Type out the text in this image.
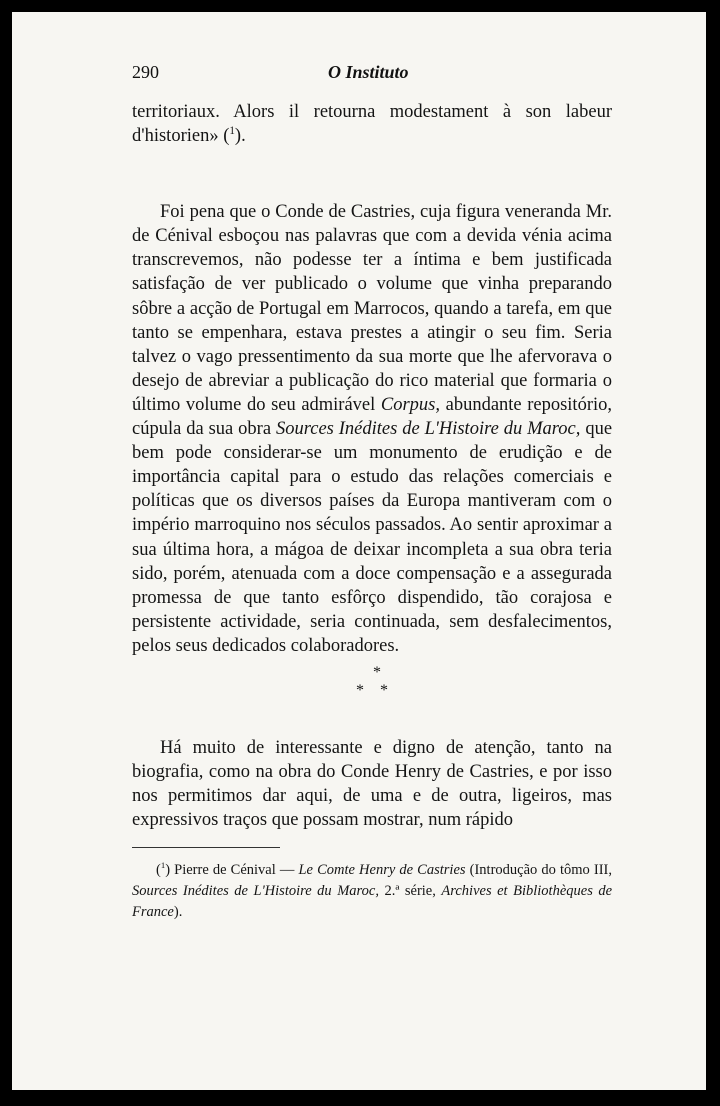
290	O Instituto

territoriaux. Alors il retourna modestament à son labeur d'historien» ($^1$).

Foi pena que o Conde de Castries, cuja figura veneranda Mr. de Cénival esboçou nas palavras que com a devida vénia acima transcrevemos, não podesse ter a íntima e bem justificada satisfação de ver publicado o volume que vinha preparando sôbre a acção de Portugal em Marrocos, quando a tarefa, em que tanto se empenhara, estava prestes a atingir o seu fim. Seria talvez o vago pressentimento da sua morte que lhe afervorava o desejo de abreviar a publicação do rico material que formaria o último volume do seu admirável Corpus, abundante repositório, cúpula da sua obra Sources Inédites de L'Histoire du Maroc, que bem pode considerar-se um monumento de erudição e de importância capital para o estudo das relações comerciais e políticas que os diversos países da Europa mantiveram com o império marroquino nos séculos passados. Ao sentir aproximar a sua última hora, a mágoa de deixar incompleta a sua obra teria sido, porém, atenuada com a doce compensação e a assegurada promessa de que tanto esfôrço dispendido, tão corajosa e persistente actividade, seria continuada, sem desfalecimentos, pelos seus dedicados colaboradores.

*
* *

Há muito de interessante e digno de atenção, tanto na biografia, como na obra do Conde Henry de Castries, e por isso nos permitimos dar aqui, de uma e de outra, ligeiros, mas expressivos traços que possam mostrar, num rápido

($^1$) Pierre de Cénival — Le Comte Henry de Castries (Introdução do tômo III, Sources Inédites de L'Histoire du Maroc, 2.ª série, Archives et Bibliothèques de France).
